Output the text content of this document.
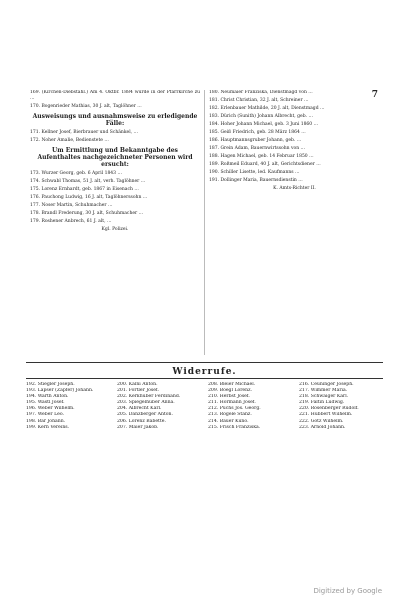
7
169. (Kirchen-Diebstahl.) Am 4. Oktbr. 1884 wurde in der Pfarrkirche zu …
170. Bogenrieder Mathias, 30 J. alt, Taglöhner …
Ausweisungs und ausnahmsweise zu erledigende Fälle:
171. Kellner Josef, Bierbrauer und Schänkel, …
172. Noher Amalie, Bedienstete …
Um Ermittlung und Bekanntgabe des Aufenthaltes nachgezeichneter Personen wird ersucht:
173. Wurzer Georg, geb. 6 April 1843 …
174. Schwabl Thomas, 51 J. alt, verh. Taglöhner …
175. Lorenz Ernhardt, geb. 1867 in Eisenach …
176. Pauchong Ludwig, 16 J. alt, Taglöhnerssohn …
177. Noser Martin, Schuhmacher …
178. Brandl Frederung, 30 J. alt, Schuhmacher …
179. Roshener Anbrech, 61 J. alt, …
Kgl. Polizei.
180. Neumaier Franziska, Dienstmagd von …
181. Christ Christian, 32 J. alt, Schreiner …
182. Erlenbauer Mathilde, 20 J. alt, Dienstmagd …
183. Dürich (Sunith) Johann Albrecht, geb. …
184. Hoher Johann Michael, geb. 3 Juni 1860 …
185. Geiß Friedrich, geb. 28 März 1864 …
186. Hauptmannsgruber Johann, geb. …
187. Grein Adam, Bauernwirtssohn von …
188. Hagen Michael, geb. 14 Februar 1850 …
189. Roßmeil Eduard, 40 J. alt, Gerichtsdiener …
190. Schiller Lisette, led. Kaufmanns …
191. Dollinger Maria, Bauernsdienstin …
K. Amts-Richter II.
Widerrufe.
192. Stiegler Joseph.	200. Kalni Anton.	208. Bleier Michael.	216. Ceuninger Joseph.
193. Lapser (Zapfer) Johann.	201. Fortler Josef.	209. Boegl Lorenz.	217. Wimmer Maria.
194. Warth Anton.	202. Kerkhuber Ferdinand.	210. Herbst Josef.	218. Schwaiger Karl.
195. Wastl Josef.	203. Spiegelhuber Anna.	211. Hörmann Josef.	219. Faltin Ludwig.
196. Weber Wilhelm.	204. Albrecht Karl.	212. Puchs Jos. Georg.	220. Rosenberger Rudolf.
197. Weber Leo.	205. Danzberger Anton.	213. Rögele Stanz.	221. Hubbert Wilhelm.
198. Bär Johann.	206. Lorenz Babette.	214. Bauer Kuno.	222. Götz Wilhelm.
199. Kern Vereins.	207. Maier Jakob.	215. Frisch Franziska.	223. Arnold Johann.
Digitized by Google
